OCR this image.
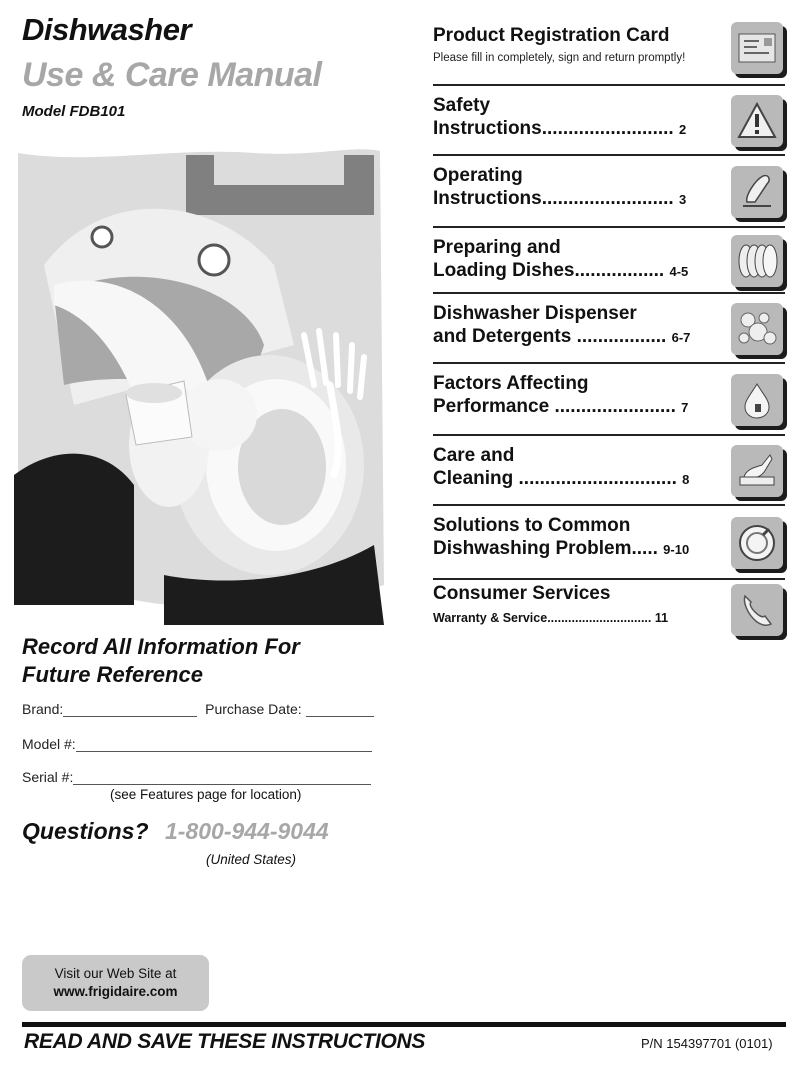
Dishwasher
Use & Care Manual
Model FDB101
Product Registration Card
Please fill in completely, sign and return promptly!
Safety
Instructions......................... 2
Operating
Instructions......................... 3
Preparing and
Loading Dishes................. 4-5
Dishwasher Dispenser
and Detergents ................. 6-7
Factors Affecting
Performance ....................... 7
Care and
Cleaning .............................. 8
Solutions to Common
Dishwashing Problem..... 9-10
Consumer Services
Warranty & Service.............................. 11
Record All Information For
Future Reference
Brand:	Purchase Date:
Model #:
Serial #:
(see Features page for location)
Questions? 1-800-944-9044
(United States)
Visit our Web Site at
www.frigidaire.com
READ AND SAVE THESE INSTRUCTIONS	P/N 154397701 (0101)
